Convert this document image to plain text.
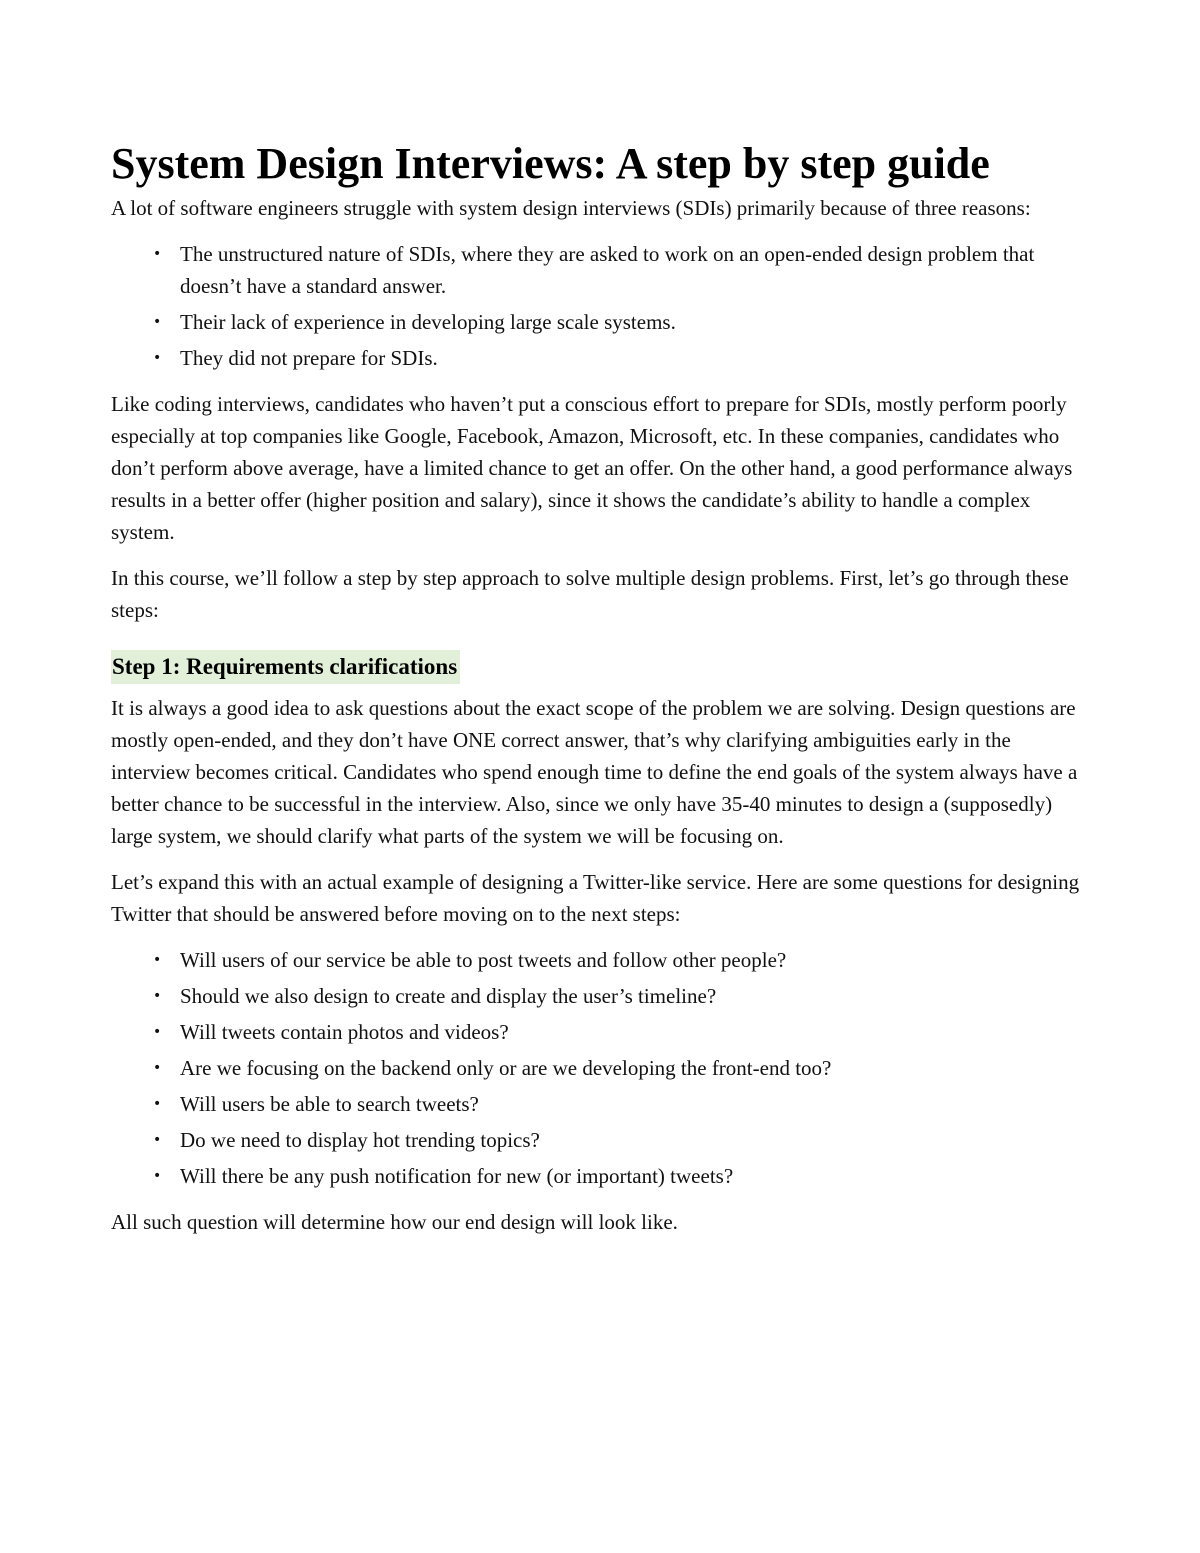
System Design Interviews: A step by step guide

A lot of software engineers struggle with system design interviews (SDIs) primarily because of three reasons:

• The unstructured nature of SDIs, where they are asked to work on an open-ended design problem that doesn’t have a standard answer.
• Their lack of experience in developing large scale systems.
• They did not prepare for SDIs.

Like coding interviews, candidates who haven’t put a conscious effort to prepare for SDIs, mostly perform poorly especially at top companies like Google, Facebook, Amazon, Microsoft, etc. In these companies, candidates who don’t perform above average, have a limited chance to get an offer. On the other hand, a good performance always results in a better offer (higher position and salary), since it shows the candidate’s ability to handle a complex system.

In this course, we’ll follow a step by step approach to solve multiple design problems. First, let’s go through these steps:

Step 1: Requirements clarifications

It is always a good idea to ask questions about the exact scope of the problem we are solving. Design questions are mostly open-ended, and they don’t have ONE correct answer, that’s why clarifying ambiguities early in the interview becomes critical. Candidates who spend enough time to define the end goals of the system always have a better chance to be successful in the interview. Also, since we only have 35-40 minutes to design a (supposedly) large system, we should clarify what parts of the system we will be focusing on.

Let’s expand this with an actual example of designing a Twitter-like service. Here are some questions for designing Twitter that should be answered before moving on to the next steps:

• Will users of our service be able to post tweets and follow other people?
• Should we also design to create and display the user’s timeline?
• Will tweets contain photos and videos?
• Are we focusing on the backend only or are we developing the front-end too?
• Will users be able to search tweets?
• Do we need to display hot trending topics?
• Will there be any push notification for new (or important) tweets?

All such question will determine how our end design will look like.
